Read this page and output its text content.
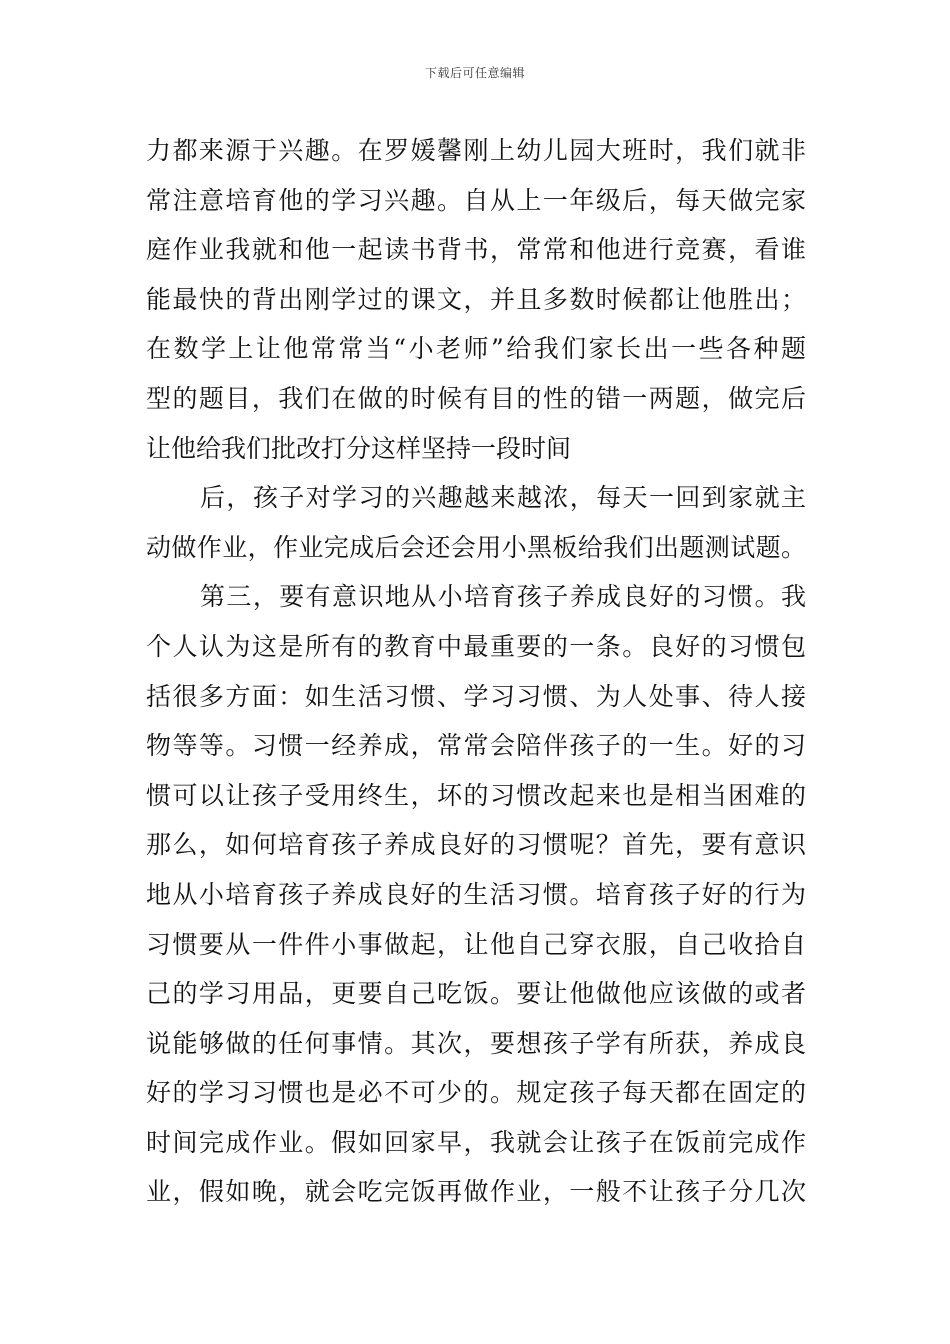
下载后可任意编辑
力都来源于兴趣。在罗媛馨刚上幼儿园大班时，我们就非
常注意培育他的学习兴趣。自从上一年级后，每天做完家
庭作业我就和他一起读书背书，常常和他进行竞赛，看谁
能最快的背出刚学过的课文，并且多数时候都让他胜出；
在数学上让他常常当“小老师”给我们家长出一些各种题
型的题目，我们在做的时候有目的性的错一两题，做完后
让他给我们批改打分这样坚持一段时间
后，孩子对学习的兴趣越来越浓，每天一回到家就主
动做作业，作业完成后会还会用小黑板给我们出题测试题。
第三，要有意识地从小培育孩子养成良好的习惯。我
个人认为这是所有的教育中最重要的一条。良好的习惯包
括很多方面：如生活习惯、学习习惯、为人处事、待人接
物等等。习惯一经养成，常常会陪伴孩子的一生。好的习
惯可以让孩子受用终生，坏的习惯改起来也是相当困难的
那么，如何培育孩子养成良好的习惯呢？首先，要有意识
地从小培育孩子养成良好的生活习惯。培育孩子好的行为
习惯要从一件件小事做起，让他自己穿衣服，自己收拾自
己的学习用品，更要自己吃饭。要让他做他应该做的或者
说能够做的任何事情。其次，要想孩子学有所获，养成良
好的学习习惯也是必不可少的。规定孩子每天都在固定的
时间完成作业。假如回家早，我就会让孩子在饭前完成作
业，假如晚，就会吃完饭再做作业，一般不让孩子分几次
